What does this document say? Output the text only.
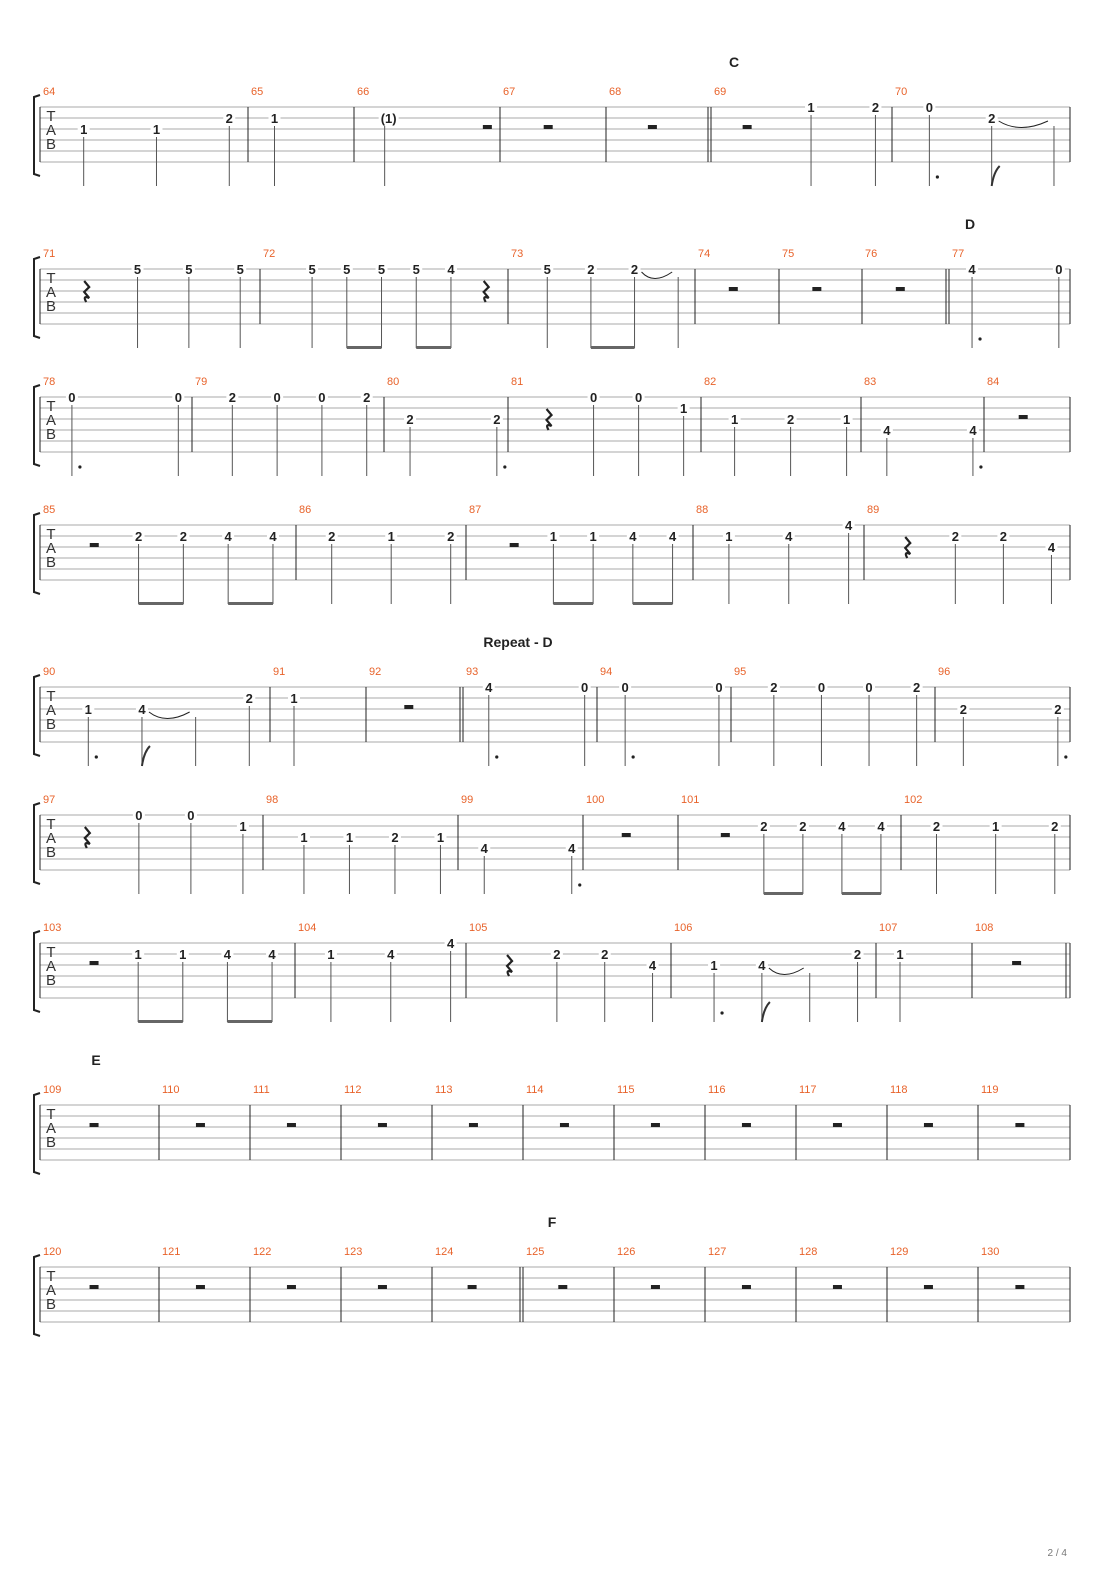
T
A
B
C
64
1	1
2
65
1
66
(1)
67	68	69
1	2
70
0
2
T
A
B
D
71
5	5	5
72
5 5 5 5 4
73
5	2	2
74	75	76	77
4	0
T
A
B
78
0	0
79
2	0	0	2
80
2	2
81
0	0
1
82
1	2	1
83
4	4
84
T
A
B
85
2	2	4	4
86
2	1	2
87
1 1 4 4
88
1	4
4
89
2	2
4
T
A
B
Repeat - D
90
1	4
2
91
1
92	93
4	0
94
0	0
95
2	0	0	2
96
2	2
T
A
B
97
0	0
1
98
1	1	2	1
99
4	4
100	101
2 2 4 4
102
2	1	2
T
A
B
103
1	1	4	4
104
1	4
4
105
2	2
4
106
1	4
2
107
1
108
T
A
B
E
109	110	111	112	113	114	115	116	117	118	119
T
A
B
F
120	121	122	123	124	125	126	127	128	129	130
2 / 4
